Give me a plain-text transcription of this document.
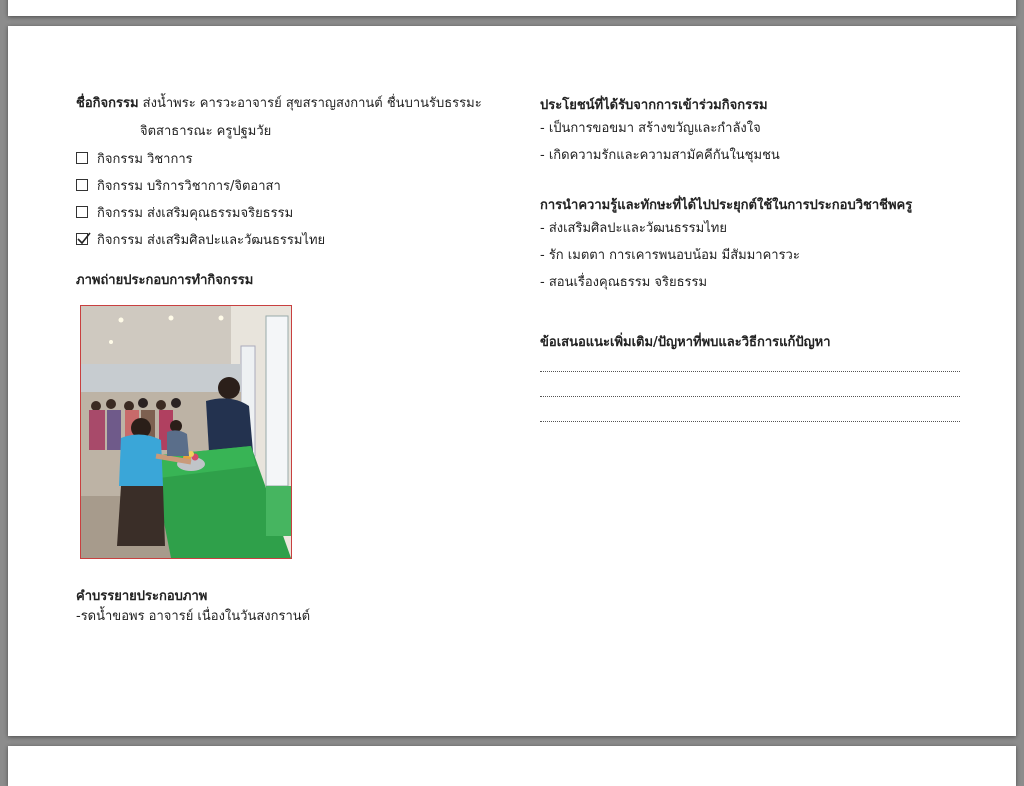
ชื่อกิจกรรม ส่งน้ำพระ คารวะอาจารย์ สุขสราญสงกานต์ ชื่นบานรับธรรมะ
จิตสาธารณะ ครูปฐมวัย
กิจกรรม วิชาการ
กิจกรรม บริการวิชาการ/จิตอาสา
กิจกรรม ส่งเสริมคุณธรรมจริยธรรม
กิจกรรม ส่งเสริมศิลปะและวัฒนธรรมไทย
ภาพถ่ายประกอบการทำกิจกรรม
คำบรรยายประกอบภาพ
-รดน้ำขอพร อาจารย์ เนื่องในวันสงกรานต์
ประโยชน์ที่ได้รับจากการเข้าร่วมกิจกรรม
- เป็นการขอขมา สร้างขวัญและกำลังใจ
- เกิดความรักและความสามัคคีกันในชุมชน
การนำความรู้และทักษะที่ได้ไปประยุกต์ใช้ในการประกอบวิชาชีพครู
- ส่งเสริมศิลปะและวัฒนธรรมไทย
- รัก เมตตา การเคารพนอบน้อม มีสัมมาคารวะ
- สอนเรื่องคุณธรรม จริยธรรม
ข้อเสนอแนะเพิ่มเติม/ปัญหาที่พบและวิธีการแก้ปัญหา
